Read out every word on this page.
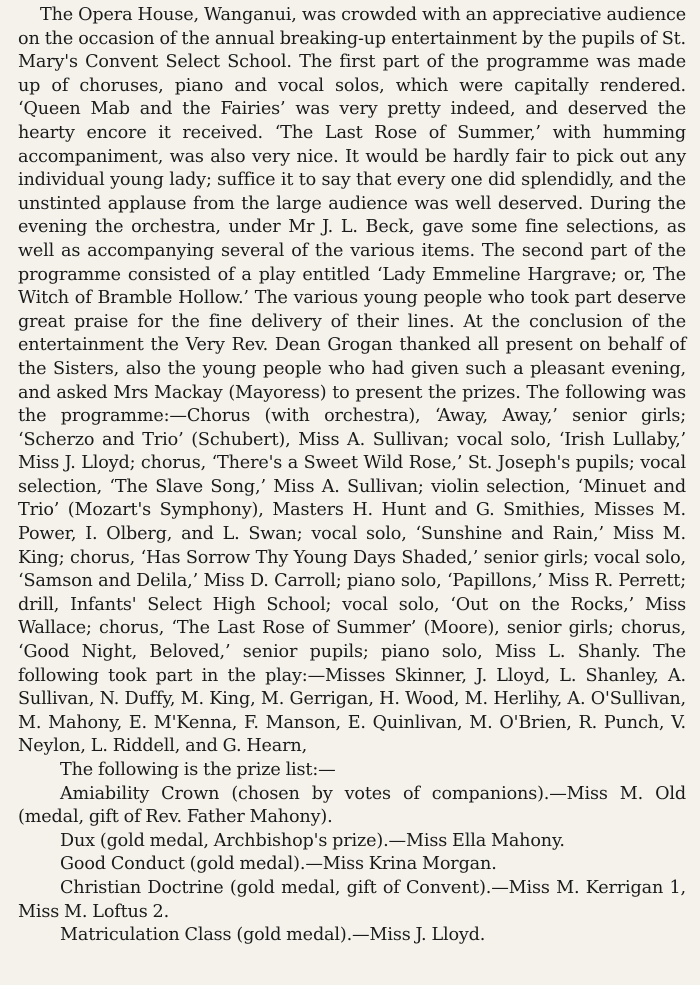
The Opera House, Wanganui, was crowded with an appreciative audience on the occasion of the annual breaking-up entertainment by the pupils of St. Mary's Convent Select School. The first part of the programme was made up of choruses, piano and vocal solos, which were capitally rendered. ‘Queen Mab and the Fairies’ was very pretty indeed, and deserved the hearty encore it received. ‘The Last Rose of Summer,’ with humming accompaniment, was also very nice. It would be hardly fair to pick out any individual young lady; suffice it to say that every one did splendidly, and the unstinted applause from the large audience was well deserved. During the evening the orchestra, under Mr J. L. Beck, gave some fine selections, as well as accompanying several of the various items. The second part of the programme consisted of a play entitled ‘Lady Emmeline Hargrave; or, The Witch of Bramble Hollow.’ The various young people who took part deserve great praise for the fine delivery of their lines. At the conclusion of the entertainment the Very Rev. Dean Grogan thanked all present on behalf of the Sisters, also the young people who had given such a pleasant evening, and asked Mrs Mackay (Mayoress) to present the prizes. The following was the programme:—Chorus (with orchestra), ‘Away, Away,’ senior girls; ‘Scherzo and Trio’ (Schubert), Miss A. Sullivan; vocal solo, ‘Irish Lullaby,’ Miss J. Lloyd; chorus, ‘There's a Sweet Wild Rose,’ St. Joseph's pupils; vocal selection, ‘The Slave Song,’ Miss A. Sullivan; violin selection, ‘Minuet and Trio’ (Mozart's Symphony), Masters H. Hunt and G. Smithies, Misses M. Power, I. Olberg, and L. Swan; vocal solo, ‘Sunshine and Rain,’ Miss M. King; chorus, ‘Has Sorrow Thy Young Days Shaded,’ senior girls; vocal solo, ‘Samson and Delila,’ Miss D. Carroll; piano solo, ‘Papillons,’ Miss R. Perrett; drill, Infants' Select High School; vocal solo, ‘Out on the Rocks,’ Miss Wallace; chorus, ‘The Last Rose of Summer’ (Moore), senior girls; chorus, ‘Good Night, Beloved,’ senior pupils; piano solo, Miss L. Shanly. The following took part in the play:—Misses Skinner, J. Lloyd, L. Shanley, A. Sullivan, N. Duffy, M. King, M. Gerrigan, H. Wood, M. Herlihy, A. O'Sullivan, M. Mahony, E. M'Kenna, F. Manson, E. Quinlivan, M. O'Brien, R. Punch, V. Neylon, L. Riddell, and G. Hearn,

The following is the prize list:—

Amiability Crown (chosen by votes of companions).—Miss M. Old (medal, gift of Rev. Father Mahony).

Dux (gold medal, Archbishop's prize).—Miss Ella Mahony.

Good Conduct (gold medal).—Miss Krina Morgan.

Christian Doctrine (gold medal, gift of Convent).—Miss M. Kerrigan 1, Miss M. Loftus 2.

Matriculation Class (gold medal).—Miss J. Lloyd.
